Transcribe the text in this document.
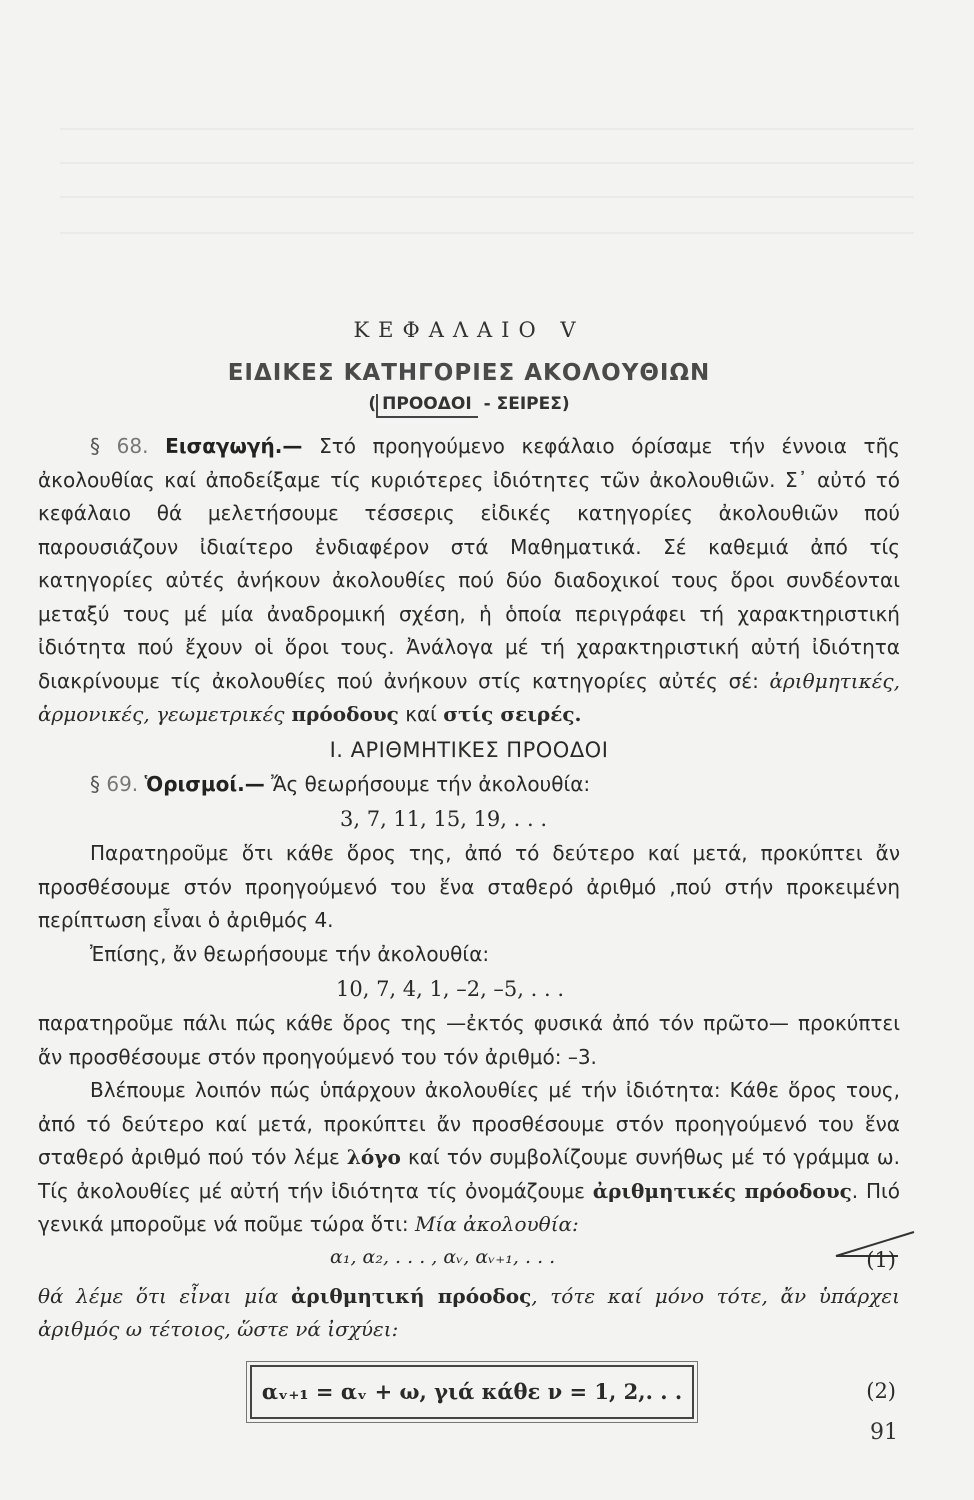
ΚΕΦΑΛΑΙΟ V

ΕΙΔΙΚΕΣ ΚΑΤΗΓΟΡΙΕΣ ΑΚΟΛΟΥΘΙΩΝ

( ΠΡΟΟΔΟΙ - ΣΕΙΡΕΣ)

§ 68. Εισαγωγή.— Στό προηγούμενο κεφάλαιο όρίσαμε τήν έννοια τῆς ἀκολουθίας καί ἀποδείξαμε τίς κυριότερες ἰδιότητες τῶν ἀκολουθιῶν. Σ᾽ αὐτό τό κεφάλαιο θά μελετήσουμε τέσσερις εἰδικές κατηγορίες ἀκολουθιῶν πού παρουσιάζουν ἰδιαίτερο ἐνδιαφέρον στά Μαθηματικά. Σέ καθεμιά ἀπό τίς κατηγορίες αὐτές ἀνήκουν ἀκολουθίες πού δύο διαδοχικοί τους ὅροι συνδέονται μεταξύ τους μέ μία ἀναδρομική σχέση, ἡ ὁποία περιγράφει τή χαρακτηριστική ἰδιότητα πού ἔχουν οἱ ὅροι τους. Ἀνάλογα μέ τή χαρακτηριστική αὐτή ἰδιότητα διακρίνουμε τίς ἀκολουθίες πού ἀνήκουν στίς κατηγορίες αὐτές σέ: ἀριθμητικές, ἁρμονικές, γεωμετρικές πρόοδους καί στίς σειρές.

I. ΑΡΙΘΜΗΤΙΚΕΣ ΠΡΟΟΔΟΙ

§ 69. Ὁρισμοί.— Ἄς θεωρήσουμε τήν ἀκολουθία:

3, 7, 11, 15, 19, . . .

Παρατηροῦμε ὅτι κάθε ὅρος της, ἀπό τό δεύτερο καί μετά, προκύπτει ἄν προσθέσουμε στόν προηγούμενό του ἕνα σταθερό ἀριθμό ,πού στήν προκειμένη περίπτωση εἶναι ὁ ἀριθμός 4.

Ἐπίσης, ἄν θεωρήσουμε τήν ἀκολουθία:

10, 7, 4, 1, –2, –5, . . .

παρατηροῦμε πάλι πώς κάθε ὅρος της —ἐκτός φυσικά ἀπό τόν πρῶτο— προκύπτει ἄν προσθέσουμε στόν προηγούμενό του τόν ἀριθμό: –3.

Βλέπουμε λοιπόν πώς ὑπάρχουν ἀκολουθίες μέ τήν ἰδιότητα: Κάθε ὅρος τους, ἀπό τό δεύτερο καί μετά, προκύπτει ἄν προσθέσουμε στόν προηγούμενό του ἕνα σταθερό ἀριθμό πού τόν λέμε λόγο καί τόν συμβολίζουμε συνήθως μέ τό γράμμα ω. Τίς ἀκολουθίες μέ αὐτή τήν ἰδιότητα τίς ὀνομάζουμε ἀριθμητικές πρόοδους. Πιό γενικά μποροῦμε νά ποῦμε τώρα ὅτι: Μία ἀκολουθία:

α₁, α₂, . . . , αᵥ, αᵥ₊₁, . . .	(1)

θά λέμε ὅτι εἶναι μία ἀριθμητική πρόοδος, τότε καί μόνο τότε, ἄν ὑπάρχει ἀριθμός ω τέτοιος, ὥστε νά ἰσχύει:

αᵥ₊₁ = αᵥ + ω, γιά κάθε ν = 1, 2,. . .	(2)
91
